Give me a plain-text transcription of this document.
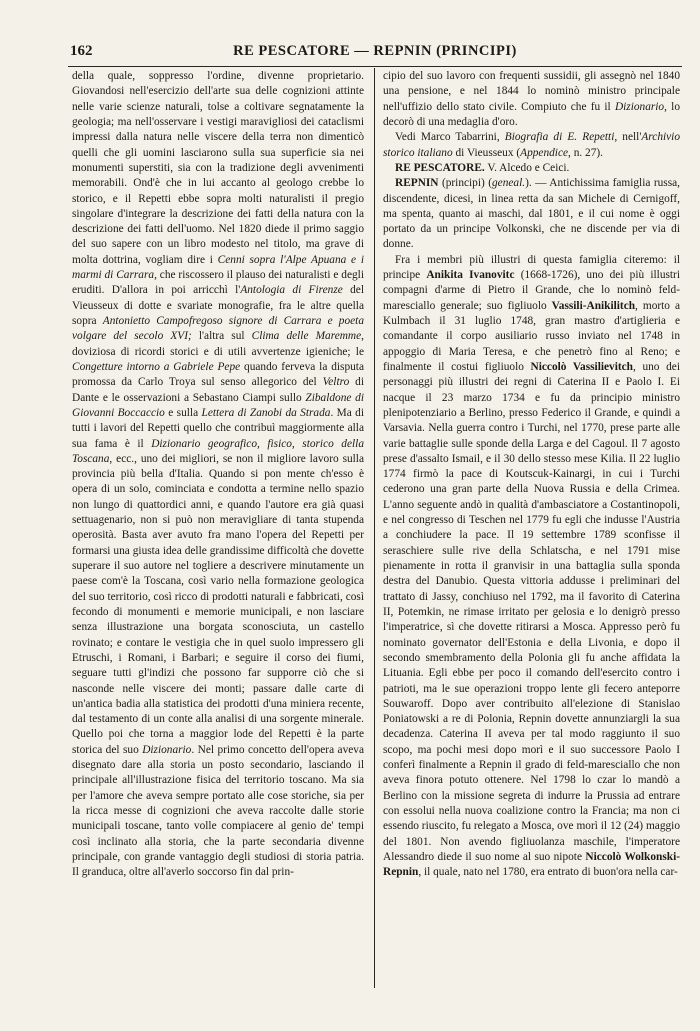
162	RE PESCATORE — REPNIN (PRINCIPI)

della quale, soppresso l'ordine, divenne proprietario. Giovandosi nell'esercizio dell'arte sua delle cognizioni attinte nelle varie scienze naturali, tolse a coltivare segnatamente la geologia; ma nell'osservare i vestigi maravigliosi dei cataclismi impressi dalla natura nelle viscere della terra non dimenticò quelli che gli uomini lasciarono sulla sua superficie sia nei monumenti superstiti, sia con la tradizione degli avvenimenti memorabili. Ond'è che in lui accanto al geologo crebbe lo storico, e il Repetti ebbe sopra molti naturalisti il pregio singolare d'integrare la descrizione dei fatti della natura con la descrizione dei fatti dell'uomo. Nel 1820 diede il primo saggio del suo sapere con un libro modesto nel titolo, ma grave di molta dottrina, vogliam dire i Cenni sopra l'Alpe Apuana e i marmi di Carrara, che riscossero il plauso dei naturalisti e degli eruditi. D'allora in poi arricchì l'Antologia di Firenze del Vieusseux di dotte e svariate monografie, fra le altre quella sopra Antonietto Campofregoso signore di Carrara e poeta volgare del secolo XVI; l'altra sul Clima delle Maremme, doviziosa di ricordi storici e di utili avvertenze igieniche; le Congetture intorno a Gabriele Pepe quando ferveva la disputa promossa da Carlo Troya sul senso allegorico del Veltro di Dante e le osservazioni a Sebastano Ciampi sullo Zibaldone di Giovanni Boccaccio e sulla Lettera di Zanobi da Strada. Ma di tutti i lavori del Repetti quello che contribuì maggiormente alla sua fama è il Dizionario geografico, fisico, storico della Toscana, ecc., uno dei migliori, se non il migliore lavoro sulla provincia più bella d'Italia. Quando si pon mente ch'esso è opera di un solo, cominciata e condotta a termine nello spazio non lungo di quattordici anni, e quando l'autore era già quasi settuagenario, non si può non meravigliare di tanta stupenda operosità. Basta aver avuto fra mano l'opera del Repetti per formarsi una giusta idea delle grandissime difficoltà che dovette superare il suo autore nel togliere a descrivere minutamente un paese com'è la Toscana, così vario nella formazione geologica del suo territorio, così ricco di prodotti naturali e fabbricati, così fecondo di monumenti e memorie municipali, e non lasciare senza illustrazione una borgata sconosciuta, un castello rovinato; e contare le vestigia che in quel suolo impressero gli Etruschi, i Romani, i Barbari; e seguire il corso dei fiumi, seguare tutti gl'indizi che possono far supporre ciò che si nasconde nelle viscere dei monti; passare dalle carte di un'antica badia alla statistica dei prodotti d'una miniera recente, dal testamento di un conte alla analisi di una sorgente minerale. Quello poi che torna a maggior lode del Repetti è la parte storica del suo Dizionario. Nel primo concetto dell'opera aveva disegnato dare alla storia un posto secondario, lasciando il principale all'illustrazione fisica del territorio toscano. Ma sia per l'amore che aveva sempre portato alle cose storiche, sia per la ricca messe di cognizioni che aveva raccolte dalle storie municipali toscane, tanto volle compiacere al genio de' tempi così inclinato alla storia, che la parte secondaria divenne principale, con grande vantaggio degli studiosi di storia patria. Il granduca, oltre all'averlo soccorso fin dal prin-

cipio del suo lavoro con frequenti sussidii, gli assegnò nel 1840 una pensione, e nel 1844 lo nominò ministro principale nell'uffizio dello stato civile. Compiuto che fu il Dizionario, lo decorò di una medaglia d'oro.

Vedi Marco Tabarrini, Biografia di E. Repetti, nell'Archivio storico italiano di Vieusseux (Appendice, n. 27).

RE PESCATORE. V. Alcedo e Ceici.

REPNIN (principi) (geneal.). — Antichissima famiglia russa, discendente, dicesi, in linea retta da san Michele di Cernigoff, ma spenta, quanto ai maschi, dal 1801, e il cui nome è oggi portato da un principe Volkonski, che ne discende per via di donne.

Fra i membri più illustri di questa famiglia citeremo: il principe Anikita Ivanovitc (1668-1726), uno dei più illustri compagni d'arme di Pietro il Grande, che lo nominò feld-maresciallo generale; suo figliuolo Vassili-Anikilitch, morto a Kulmbach il 31 luglio 1748, gran mastro d'artiglieria e comandante il corpo ausiliario russo inviato nel 1748 in appoggio di Maria Teresa, e che penetrò fino al Reno; e finalmente il costui figliuolo Niccolò Vassilievitch, uno dei personaggi più illustri dei regni di Caterina II e Paolo I. Ei nacque il 23 marzo 1734 e fu da principio ministro plenipotenziario a Berlino, presso Federico il Grande, e quindi a Varsavia. Nella guerra contro i Turchi, nel 1770, prese parte alle varie battaglie sulle sponde della Larga e del Cagoul. Il 7 agosto prese d'assalto Ismail, e il 30 dello stesso mese Kilia. Il 22 luglio 1774 firmò la pace di Koutscuk-Kainargi, in cui i Turchi cederono una gran parte della Nuova Russia e della Crimea. L'anno seguente andò in qualità d'ambasciatore a Costantinopoli, e nel congresso di Teschen nel 1779 fu egli che indusse l'Austria a conchiudere la pace. Il 19 settembre 1789 sconfisse il seraschiere sulle rive della Schlatscha, e nel 1791 mise pienamente in rotta il granvisir in una battaglia sulla sponda destra del Danubio. Questa vittoria addusse i preliminari del trattato di Jassy, conchiuso nel 1792, ma il favorito di Caterina II, Potemkin, ne rimase irritato per gelosia e lo denigrò presso l'imperatrice, sì che dovette ritirarsi a Mosca. Appresso però fu nominato governator dell'Estonia e della Livonia, e dopo il secondo smembramento della Polonia gli fu anche affidata la Lituania. Egli ebbe per poco il comando dell'esercito contro i patrioti, ma le sue operazioni troppo lente gli fecero anteporre Souwaroff. Dopo aver contribuito all'elezione di Stanislao Poniatowski a re di Polonia, Repnin dovette annunziargli la sua decadenza. Caterina II aveva per tal modo raggiunto il suo scopo, ma pochi mesi dopo morì e il suo successore Paolo I conferì finalmente a Repnin il grado di feld-maresciallo che non aveva finora potuto ottenere. Nel 1798 lo czar lo mandò a Berlino con la missione segreta di indurre la Prussia ad entrare con essolui nella nuova coalizione contro la Francia; ma non ci essendo riuscito, fu relegato a Mosca, ove morì il 12 (24) maggio del 1801. Non avendo figliuolanza maschile, l'imperatore Alessandro diede il suo nome al suo nipote Niccolò Wolkonski-Repnin, il quale, nato nel 1780, era entrato di buon'ora nella car-
